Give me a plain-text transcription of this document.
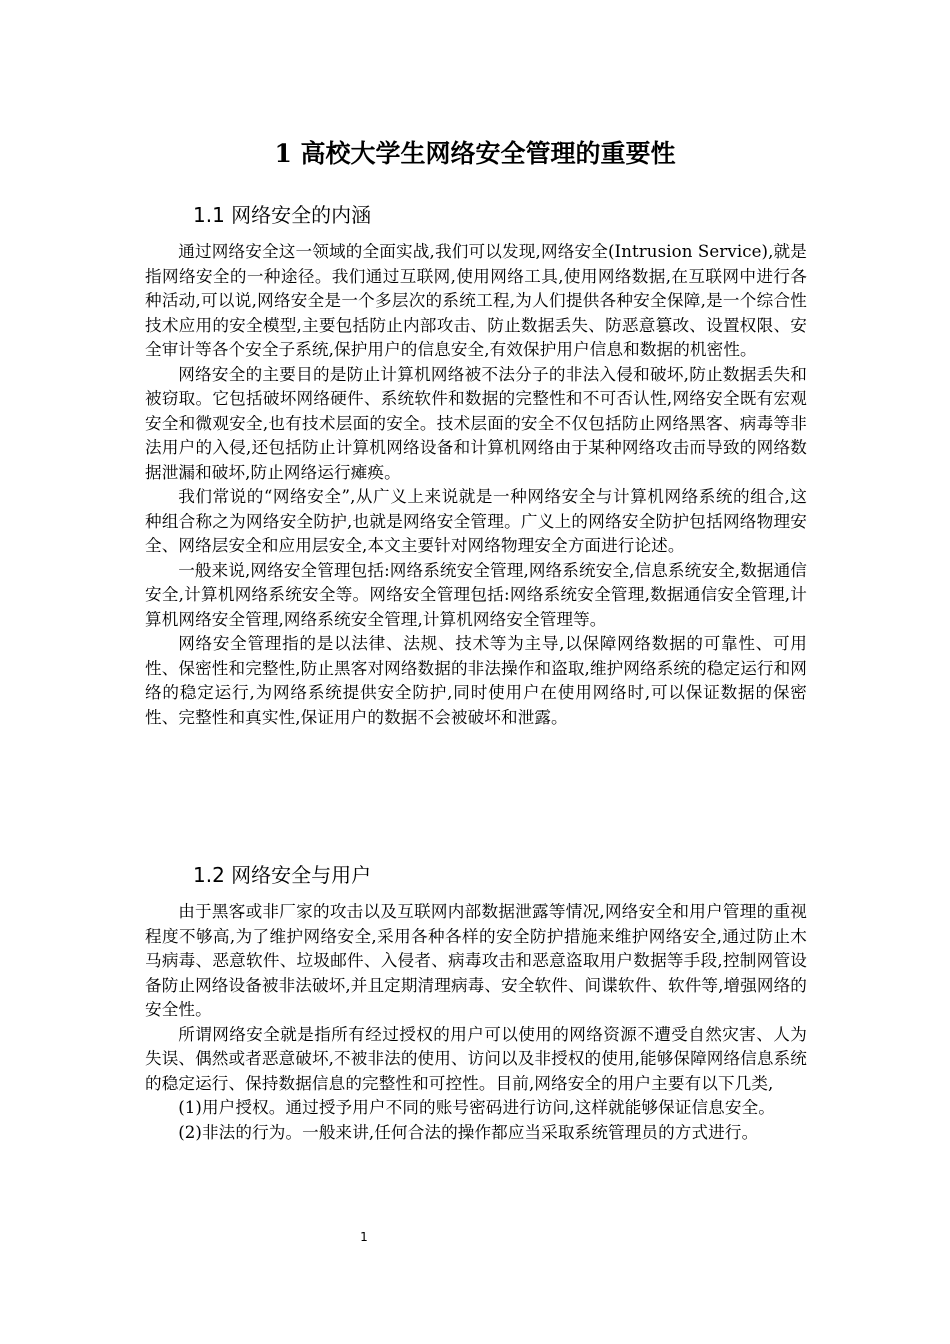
1 高校大学生网络安全管理的重要性
1.1 网络安全的内涵

通过网络安全这一领域的全面实战,我们可以发现,网络安全(Intrusion Service),就是指网络安全的一种途径。我们通过互联网,使用网络工具,使用网络数据,在互联网中进行各种活动,可以说,网络安全是一个多层次的系统工程,为人们提供各种安全保障,是一个综合性技术应用的安全模型,主要包括防止内部攻击、防止数据丢失、防恶意篡改、设置权限、安全审计等各个安全子系统,保护用户的信息安全,有效保护用户信息和数据的机密性。

网络安全的主要目的是防止计算机网络被不法分子的非法入侵和破坏,防止数据丢失和被窃取。它包括破坏网络硬件、系统软件和数据的完整性和不可否认性,网络安全既有宏观安全和微观安全,也有技术层面的安全。技术层面的安全不仅包括防止网络黑客、病毒等非法用户的入侵,还包括防止计算机网络设备和计算机网络由于某种网络攻击而导致的网络数据泄漏和破坏,防止网络运行瘫痪。

我们常说的“网络安全”,从广义上来说就是一种网络安全与计算机网络系统的组合,这种组合称之为网络安全防护,也就是网络安全管理。广义上的网络安全防护包括网络物理安全、网络层安全和应用层安全,本文主要针对网络物理安全方面进行论述。

一般来说,网络安全管理包括:网络系统安全管理,网络系统安全,信息系统安全,数据通信安全,计算机网络系统安全等。网络安全管理包括:网络系统安全管理,数据通信安全管理,计算机网络安全管理,网络系统安全管理,计算机网络安全管理等。

网络安全管理指的是以法律、法规、技术等为主导,以保障网络数据的可靠性、可用性、保密性和完整性,防止黑客对网络数据的非法操作和盗取,维护网络系统的稳定运行和网络的稳定运行,为网络系统提供安全防护,同时使用户在使用网络时,可以保证数据的保密性、完整性和真实性,保证用户的数据不会被破坏和泄露。

1.2 网络安全与用户

由于黑客或非厂家的攻击以及互联网内部数据泄露等情况,网络安全和用户管理的重视程度不够高,为了维护网络安全,采用各种各样的安全防护措施来维护网络安全,通过防止木马病毒、恶意软件、垃圾邮件、入侵者、病毒攻击和恶意盗取用户数据等手段,控制网管设备防止网络设备被非法破坏,并且定期清理病毒、安全软件、间谍软件、软件等,增强网络的安全性。

所谓网络安全就是指所有经过授权的用户可以使用的网络资源不遭受自然灾害、人为失误、偶然或者恶意破坏,不被非法的使用、访问以及非授权的使用,能够保障网络信息系统的稳定运行、保持数据信息的完整性和可控性。目前,网络安全的用户主要有以下几类,

(1)用户授权。通过授予用户不同的账号密码进行访问,这样就能够保证信息安全。

(2)非法的行为。一般来讲,任何合法的操作都应当采取系统管理员的方式进行。

1
